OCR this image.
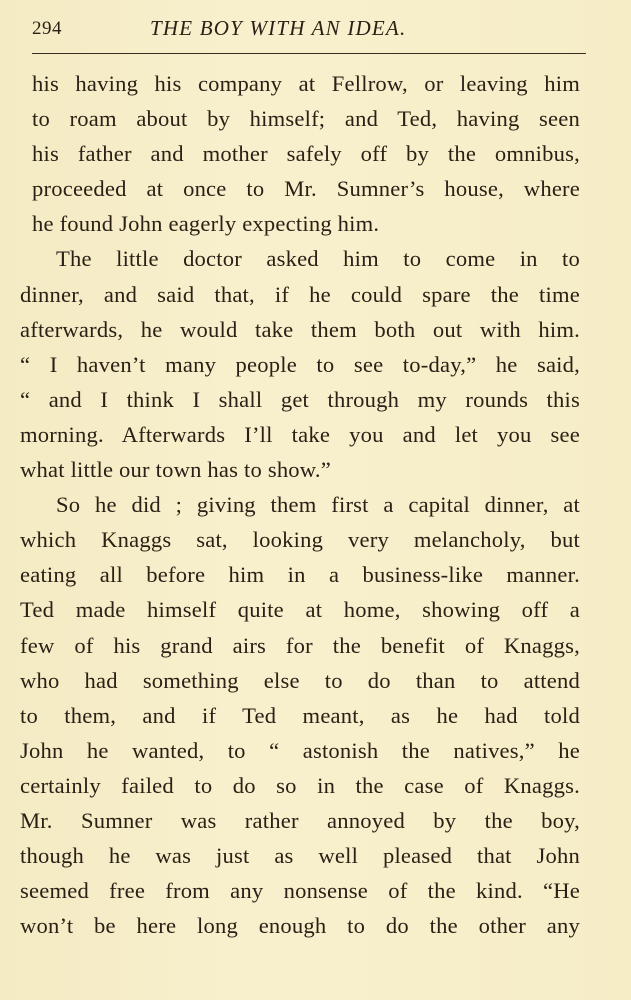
294	THE BOY WITH AN IDEA.
his having his company at Fellrow, or leaving him
to roam about by himself; and Ted, having seen
his father and mother safely off by the omnibus,
proceeded at once to Mr. Sumner’s house, where
he found John eagerly expecting him.
The little doctor asked him to come in to
dinner, and said that, if he could spare the time
afterwards, he would take them both out with him.
“ I haven’t many people to see to-day,” he said,
“ and I think I shall get through my rounds this
morning. Afterwards I’ll take you and let you see
what little our town has to show.”
So he did ; giving them first a capital dinner, at
which Knaggs sat, looking very melancholy, but
eating all before him in a business-like manner.
Ted made himself quite at home, showing off a
few of his grand airs for the benefit of Knaggs,
who had something else to do than to attend
to them, and if Ted meant, as he had told
John he wanted, to “ astonish the natives,” he
certainly failed to do so in the case of Knaggs.
Mr. Sumner was rather annoyed by the boy,
though he was just as well pleased that John
seemed free from any nonsense of the kind. “He
won’t be here long enough to do the other any
